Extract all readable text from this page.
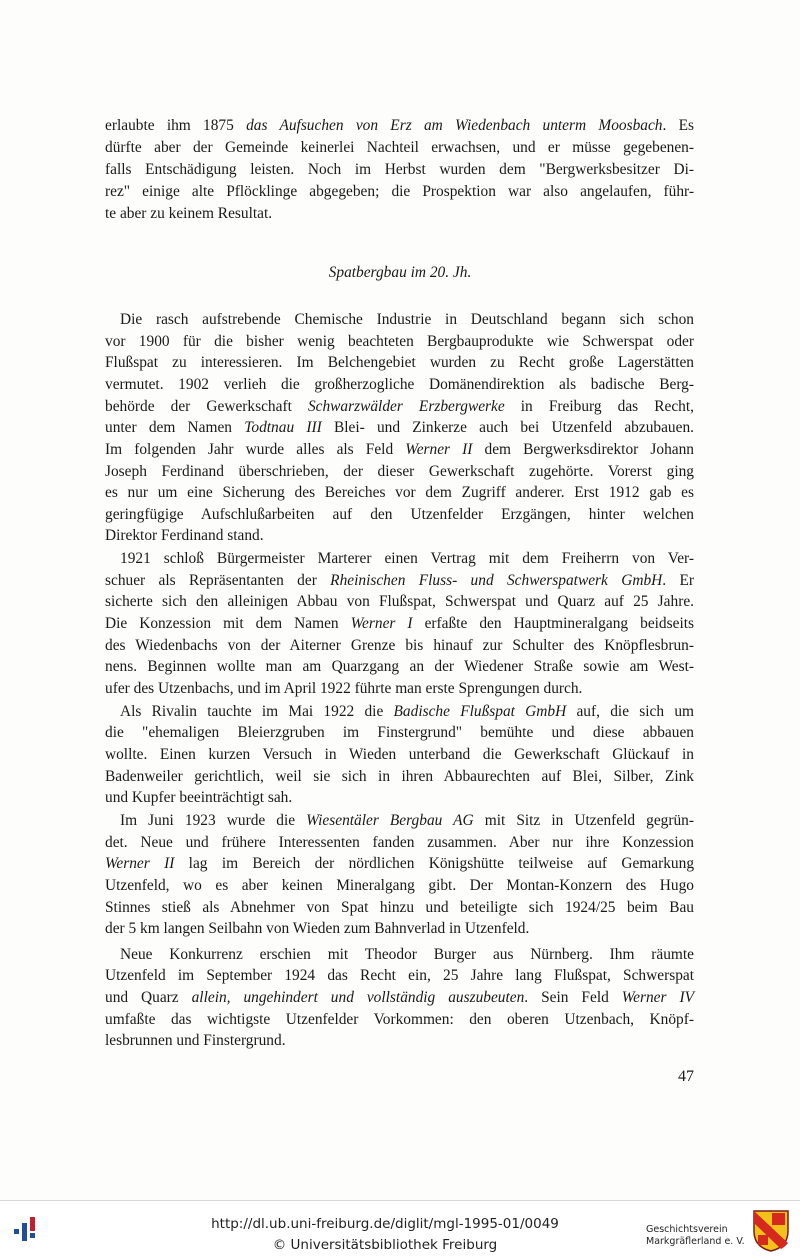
erlaubte ihm 1875 das Aufsuchen von Erz am Wiedenbach unterm Moosbach. Es
dürfte aber der Gemeinde keinerlei Nachteil erwachsen, und er müsse gegebenen-
falls Entschädigung leisten. Noch im Herbst wurden dem "Bergwerksbesitzer Di-
rez" einige alte Pflöcklinge abgegeben; die Prospektion war also angelaufen, führ-
te aber zu keinem Resultat.
Spatbergbau im 20. Jh.
Die rasch aufstrebende Chemische Industrie in Deutschland begann sich schon
vor 1900 für die bisher wenig beachteten Bergbauprodukte wie Schwerspat oder
Flußspat zu interessieren. Im Belchengebiet wurden zu Recht große Lagerstätten
vermutet. 1902 verlieh die großherzogliche Domänendirektion als badische Berg-
behörde der Gewerkschaft Schwarzwälder Erzbergwerke in Freiburg das Recht,
unter dem Namen Todtnau III Blei- und Zinkerze auch bei Utzenfeld abzubauen.
Im folgenden Jahr wurde alles als Feld Werner II dem Bergwerksdirektor Johann
Joseph Ferdinand überschrieben, der dieser Gewerkschaft zugehörte. Vorerst ging
es nur um eine Sicherung des Bereiches vor dem Zugriff anderer. Erst 1912 gab es
geringfügige Aufschlußarbeiten auf den Utzenfelder Erzgängen, hinter welchen
Direktor Ferdinand stand.
1921 schloß Bürgermeister Marterer einen Vertrag mit dem Freiherrn von Ver-
schuer als Repräsentanten der Rheinischen Fluss- und Schwerspatwerk GmbH. Er
sicherte sich den alleinigen Abbau von Flußspat, Schwerspat und Quarz auf 25 Jahre.
Die Konzession mit dem Namen Werner I erfaßte den Hauptmineralgang beidseits
des Wiedenbachs von der Aiterner Grenze bis hinauf zur Schulter des Knöpflesbrun-
nens. Beginnen wollte man am Quarzgang an der Wiedener Straße sowie am West-
ufer des Utzenbachs, und im April 1922 führte man erste Sprengungen durch.
Als Rivalin tauchte im Mai 1922 die Badische Flußspat GmbH auf, die sich um
die "ehemaligen Bleierzgruben im Finstergrund" bemühte und diese abbauen
wollte. Einen kurzen Versuch in Wieden unterband die Gewerkschaft Glückauf in
Badenweiler gerichtlich, weil sie sich in ihren Abbaurechten auf Blei, Silber, Zink
und Kupfer beeinträchtigt sah.
Im Juni 1923 wurde die Wiesentäler Bergbau AG mit Sitz in Utzenfeld gegrün-
det. Neue und frühere Interessenten fanden zusammen. Aber nur ihre Konzession
Werner II lag im Bereich der nördlichen Königshütte teilweise auf Gemarkung
Utzenfeld, wo es aber keinen Mineralgang gibt. Der Montan-Konzern des Hugo
Stinnes stieß als Abnehmer von Spat hinzu und beteiligte sich 1924/25 beim Bau
der 5 km langen Seilbahn von Wieden zum Bahnverlad in Utzenfeld.
Neue Konkurrenz erschien mit Theodor Burger aus Nürnberg. Ihm räumte
Utzenfeld im September 1924 das Recht ein, 25 Jahre lang Flußspat, Schwerspat
und Quarz allein, ungehindert und vollständig auszubeuten. Sein Feld Werner IV
umfaßte das wichtigste Utzenfelder Vorkommen: den oberen Utzenbach, Knöpf-
lesbrunnen und Finstergrund.
47
http://dl.ub.uni-freiburg.de/diglit/mgl-1995-01/0049
© Universitätsbibliothek Freiburg
Geschichtsverein
Markgräflerland e. V.
